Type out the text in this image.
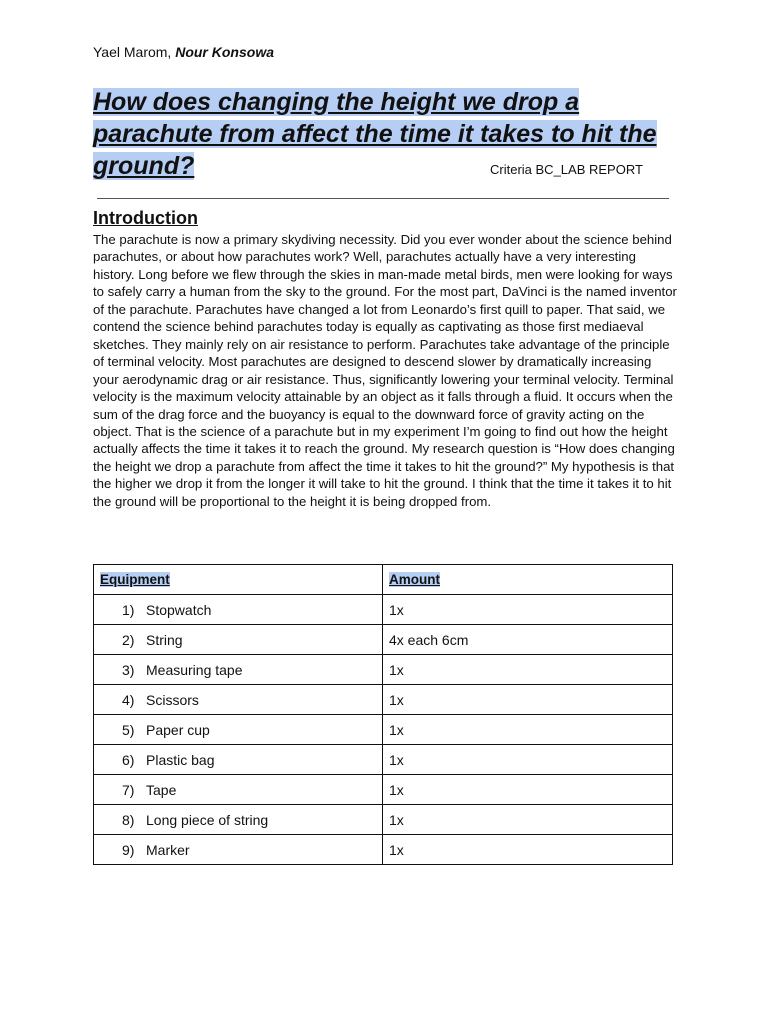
Yael Marom, Nour Konsowa
How does changing the height we drop a parachute from affect the time it takes to hit the ground?	Criteria BC_LAB REPORT
Introduction

The parachute is now a primary skydiving necessity. Did you ever wonder about the science behind parachutes, or about how parachutes work? Well, parachutes actually have a very interesting history. Long before we flew through the skies in man-made metal birds, men were looking for ways to safely carry a human from the sky to the ground. For the most part, DaVinci is the named inventor of the parachute. Parachutes have changed a lot from Leonardo’s first quill to paper. That said, we contend the science behind parachutes today is equally as captivating as those first mediaeval sketches. They mainly rely on air resistance to perform. Parachutes take advantage of the principle of terminal velocity. Most parachutes are designed to descend slower by dramatically increasing your aerodynamic drag or air resistance. Thus, significantly lowering your terminal velocity. Terminal velocity is the maximum velocity attainable by an object as it falls through a fluid. It occurs when the sum of the drag force and the buoyancy is equal to the downward force of gravity acting on the object. That is the science of a parachute but in my experiment I’m going to find out how the height actually affects the time it takes it to reach the ground. My research question is “How does changing the height we drop a parachute from affect the time it takes to hit the ground?” My hypothesis is that the higher we drop it from the longer it will take to hit the ground. I think that the time it takes it to hit the ground will be proportional to the height it is being dropped from.

Equipment	Amount
1) Stopwatch	1x
2) String	4x each 6cm
3) Measuring tape	1x
4) Scissors	1x
5) Paper cup	1x
6) Plastic bag	1x
7) Tape	1x
8) Long piece of string	1x
9) Marker	1x
